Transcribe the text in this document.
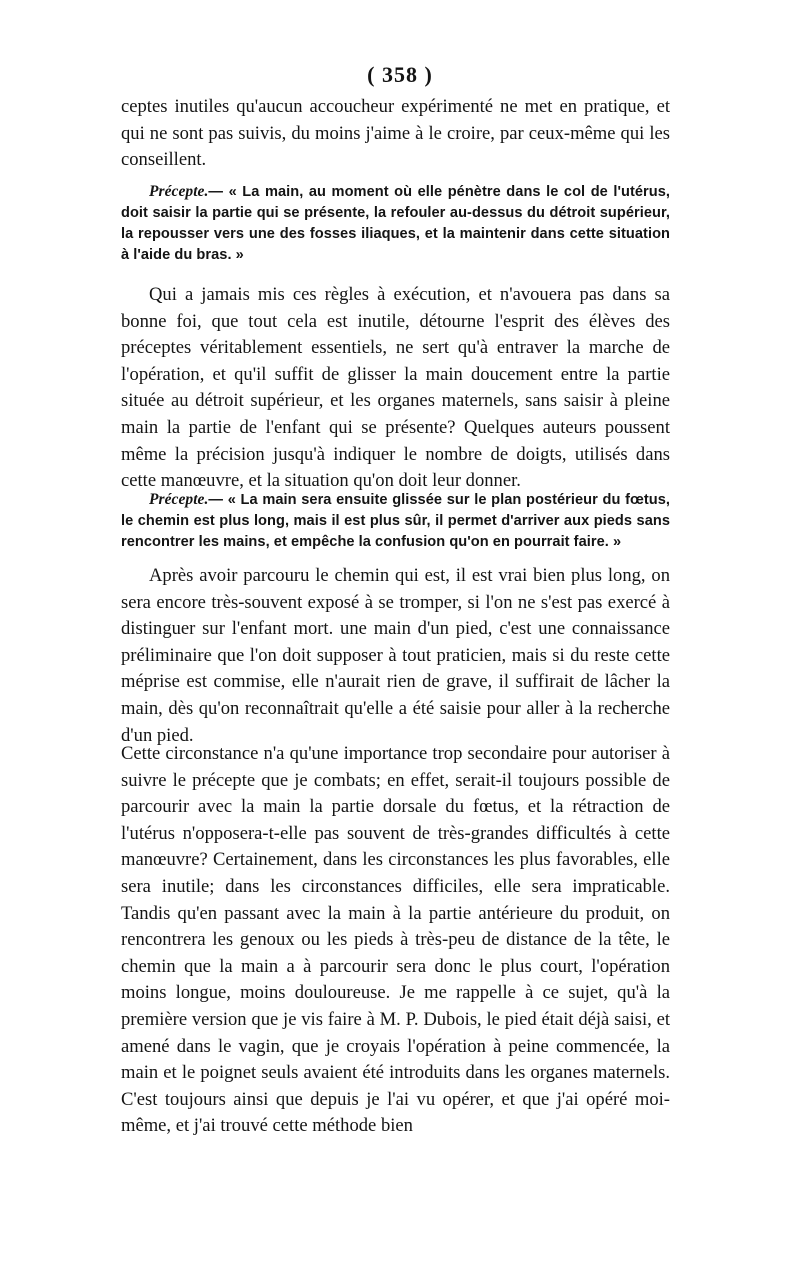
( 358 )

ceptes inutiles qu'aucun accoucheur expérimenté ne met en pratique, et qui ne sont pas suivis, du moins j'aime à le croire, par ceux-même qui les conseillent.

Précepte.— « La main, au moment où elle pénètre dans le col de l'utérus, doit saisir la partie qui se présente, la refouler au-dessus du détroit supérieur, la repousser vers une des fosses iliaques, et la maintenir dans cette situation à l'aide du bras. »

Qui a jamais mis ces règles à exécution, et n'avouera pas dans sa bonne foi, que tout cela est inutile, détourne l'esprit des élèves des préceptes véritablement essentiels, ne sert qu'à entraver la marche de l'opération, et qu'il suffit de glisser la main doucement entre la partie située au détroit supérieur, et les organes maternels, sans saisir à pleine main la partie de l'enfant qui se présente? Quelques auteurs poussent même la précision jusqu'à indiquer le nombre de doigts, utilisés dans cette manœuvre, et la situation qu'on doit leur donner.

Précepte.— « La main sera ensuite glissée sur le plan postérieur du fœtus, le chemin est plus long, mais il est plus sûr, il permet d'arriver aux pieds sans rencontrer les mains, et empêche la confusion qu'on en pourrait faire. »

Après avoir parcouru le chemin qui est, il est vrai bien plus long, on sera encore très-souvent exposé à se tromper, si l'on ne s'est pas exercé à distinguer sur l'enfant mort. une main d'un pied, c'est une connaissance préliminaire que l'on doit supposer à tout praticien, mais si du reste cette méprise est commise, elle n'aurait rien de grave, il suffirait de lâcher la main, dès qu'on reconnaîtrait qu'elle a été saisie pour aller à la recherche d'un pied.

Cette circonstance n'a qu'une importance trop secondaire pour autoriser à suivre le précepte que je combats; en effet, serait-il toujours possible de parcourir avec la main la partie dorsale du fœtus, et la rétraction de l'utérus n'opposera-t-elle pas souvent de très-grandes difficultés à cette manœuvre? Certainement, dans les circonstances les plus favorables, elle sera inutile; dans les circonstances difficiles, elle sera impraticable. Tandis qu'en passant avec la main à la partie antérieure du produit, on rencontrera les genoux ou les pieds à très-peu de distance de la tête, le chemin que la main a à parcourir sera donc le plus court, l'opération moins longue, moins douloureuse. Je me rappelle à ce sujet, qu'à la première version que je vis faire à M. P. Dubois, le pied était déjà saisi, et amené dans le vagin, que je croyais l'opération à peine commencée, la main et le poignet seuls avaient été introduits dans les organes maternels. C'est toujours ainsi que depuis je l'ai vu opérer, et que j'ai opéré moi-même, et j'ai trouvé cette méthode bien
